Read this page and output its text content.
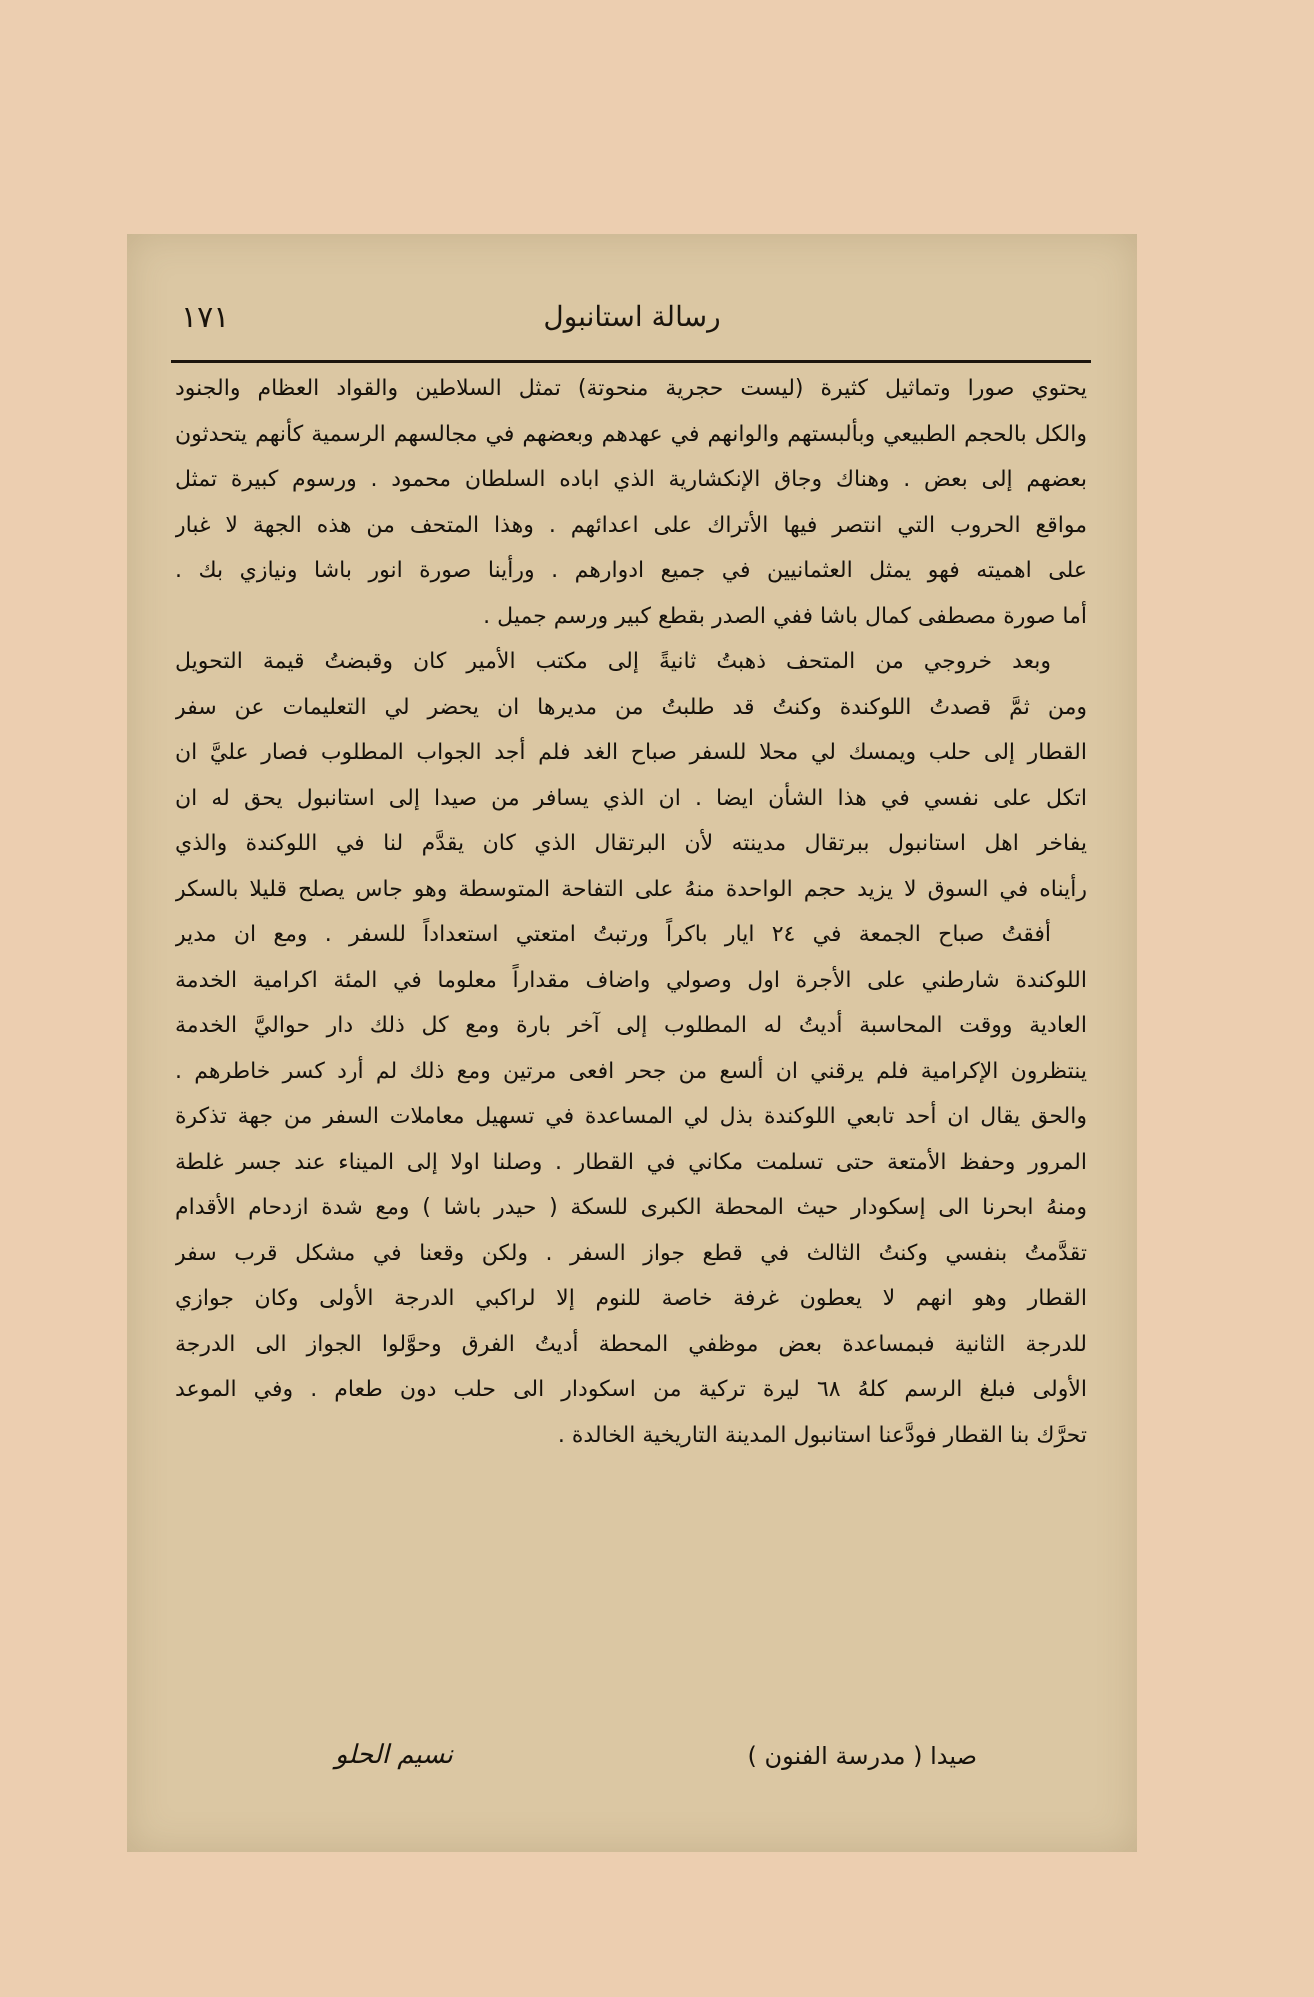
رسالة استانبول
١٧١
يحتوي صورا وتماثيل كثيرة (ليست حجرية منحوتة) تمثل السلاطين والقواد العظام والجنود
والكل بالحجم الطبيعي وبألبستهم والوانهم في عهدهم وبعضهم في مجالسهم الرسمية كأنهم يتحدثون
بعضهم إلى بعض . وهناك وجاق الإنكشارية الذي اباده السلطان محمود . ورسوم كبيرة تمثل
مواقع الحروب التي انتصر فيها الأتراك على اعدائهم . وهذا المتحف من هذه الجهة لا غبار
على اهميته فهو يمثل العثمانيين في جميع ادوارهم . ورأينا صورة انور باشا ونيازي بك .
أما صورة مصطفى كمال باشا ففي الصدر بقطع كبير ورسم جميل .
وبعد خروجي من المتحف ذهبتُ ثانيةً إلى مكتب الأمير كان وقبضتُ قيمة التحويل
ومن ثمَّ قصدتُ اللوكندة وكنتُ قد طلبتُ من مديرها ان يحضر لي التعليمات عن سفر
القطار إلى حلب ويمسك لي محلا للسفر صباح الغد فلم أجد الجواب المطلوب فصار عليَّ ان
اتكل على نفسي في هذا الشأن ايضا . ان الذي يسافر من صيدا إلى استانبول يحق له ان
يفاخر اهل استانبول ببرتقال مدينته لأن البرتقال الذي كان يقدَّم لنا في اللوكندة والذي
رأيناه في السوق لا يزيد حجم الواحدة منهُ على التفاحة المتوسطة وهو جاس يصلح قليلا بالسكر
أفقتُ صباح الجمعة في ٢٤ ايار باكراً ورتبتُ امتعتي استعداداً للسفر . ومع ان مدير
اللوكندة شارطني على الأجرة اول وصولي واضاف مقداراً معلوما في المئة اكرامية الخدمة
العادية ووقت المحاسبة أديتُ له المطلوب إلى آخر بارة ومع كل ذلك دار حواليَّ الخدمة
ينتظرون الإكرامية فلم يرقني ان ألسع من جحر افعى مرتين ومع ذلك لم أرد كسر خاطرهم .
والحق يقال ان أحد تابعي اللوكندة بذل لي المساعدة في تسهيل معاملات السفر من جهة تذكرة
المرور وحفظ الأمتعة حتى تسلمت مكاني في القطار . وصلنا اولا إلى الميناء عند جسر غلطة
ومنهُ ابحرنا الى إسكودار حيث المحطة الكبرى للسكة ( حيدر باشا ) ومع شدة ازدحام الأقدام
تقدَّمتُ بنفسي وكنتُ الثالث في قطع جواز السفر . ولكن وقعنا في مشكل قرب سفر
القطار وهو انهم لا يعطون غرفة خاصة للنوم إلا لراكبي الدرجة الأولى وكان جوازي
للدرجة الثانية فبمساعدة بعض موظفي المحطة أديتُ الفرق وحوَّلوا الجواز الى الدرجة
الأولى فبلغ الرسم كلهُ ٦٨ ليرة تركية من اسكودار الى حلب دون طعام . وفي الموعد
تحرَّك بنا القطار فودَّعنا استانبول المدينة التاريخية الخالدة .
صيدا ( مدرسة الفنون )
نسيم الحلو
